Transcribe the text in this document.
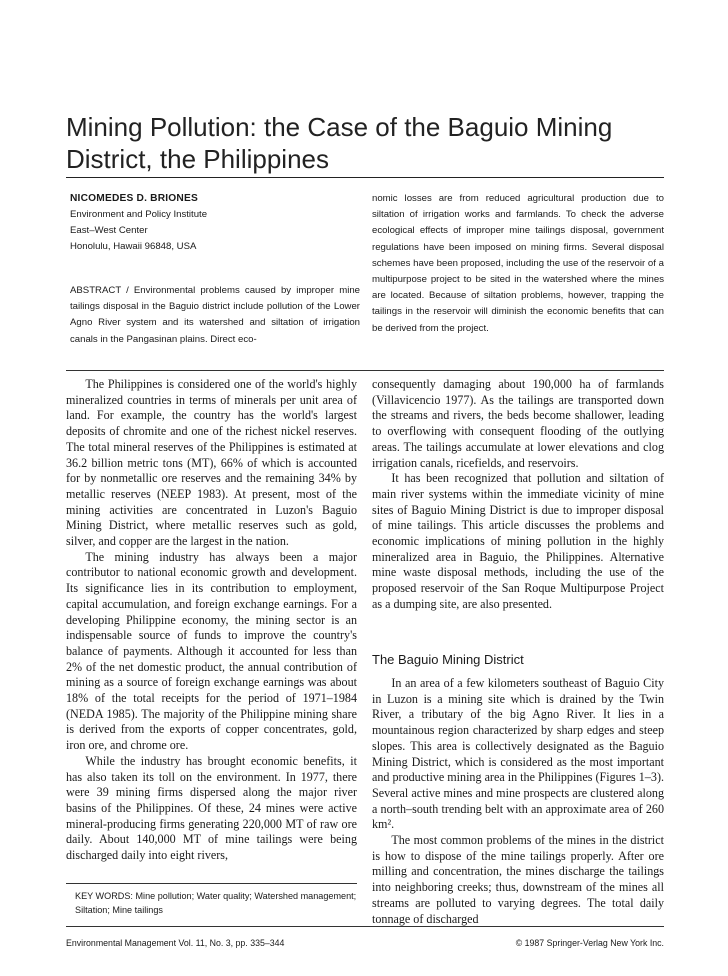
Mining Pollution: the Case of the Baguio Mining District, the Philippines
NICOMEDES D. BRIONES
Environment and Policy Institute
East–West Center
Honolulu, Hawaii 96848, USA

ABSTRACT / Environmental problems caused by improper mine tailings disposal in the Baguio district include pollution of the Lower Agno River system and its watershed and siltation of irrigation canals in the Pangasinan plains. Direct eco-

nomic losses are from reduced agricultural production due to siltation of irrigation works and farmlands. To check the adverse ecological effects of improper mine tailings disposal, government regulations have been imposed on mining firms. Several disposal schemes have been proposed, including the use of the reservoir of a multipurpose project to be sited in the watershed where the mines are located. Because of siltation problems, however, trapping the tailings in the reservoir will diminish the economic benefits that can be derived from the project.

The Philippines is considered one of the world's highly mineralized countries in terms of minerals per unit area of land. For example, the country has the world's largest deposits of chromite and one of the richest nickel reserves. The total mineral reserves of the Philippines is estimated at 36.2 billion metric tons (MT), 66% of which is accounted for by nonmetallic ore reserves and the remaining 34% by metallic reserves (NEEP 1983). At present, most of the mining activities are concentrated in Luzon's Baguio Mining District, where metallic reserves such as gold, silver, and copper are the largest in the nation.

The mining industry has always been a major contributor to national economic growth and development. Its significance lies in its contribution to employment, capital accumulation, and foreign exchange earnings. For a developing Philippine economy, the mining sector is an indispensable source of funds to improve the country's balance of payments. Although it accounted for less than 2% of the net domestic product, the annual contribution of mining as a source of foreign exchange earnings was about 18% of the total receipts for the period of 1971–1984 (NEDA 1985). The majority of the Philippine mining share is derived from the exports of copper concentrates, gold, iron ore, and chrome ore.

While the industry has brought economic benefits, it has also taken its toll on the environment. In 1977, there were 39 mining firms dispersed along the major river basins of the Philippines. Of these, 24 mines were active mineral-producing firms generating 220,000 MT of raw ore daily. About 140,000 MT of mine tailings were being discharged daily into eight rivers,

KEY WORDS: Mine pollution; Water quality; Watershed management; Siltation; Mine tailings

consequently damaging about 190,000 ha of farmlands (Villavicencio 1977). As the tailings are transported down the streams and rivers, the beds become shallower, leading to overflowing with consequent flooding of the outlying areas. The tailings accumulate at lower elevations and clog irrigation canals, ricefields, and reservoirs.

It has been recognized that pollution and siltation of main river systems within the immediate vicinity of mine sites of Baguio Mining District is due to improper disposal of mine tailings. This article discusses the problems and economic implications of mining pollution in the highly mineralized area in Baguio, the Philippines. Alternative mine waste disposal methods, including the use of the proposed reservoir of the San Roque Multipurpose Project as a dumping site, are also presented.

The Baguio Mining District

In an area of a few kilometers southeast of Baguio City in Luzon is a mining site which is drained by the Twin River, a tributary of the big Agno River. It lies in a mountainous region characterized by sharp edges and steep slopes. This area is collectively designated as the Baguio Mining District, which is considered as the most important and productive mining area in the Philippines (Figures 1–3). Several active mines and mine prospects are clustered along a north–south trending belt with an approximate area of 260 km².

The most common problems of the mines in the district is how to dispose of the mine tailings properly. After ore milling and concentration, the mines discharge the tailings into neighboring creeks; thus, downstream of the mines all streams are polluted to varying degrees. The total daily tonnage of discharged

Environmental Management Vol. 11, No. 3, pp. 335–344	© 1987 Springer-Verlag New York Inc.
